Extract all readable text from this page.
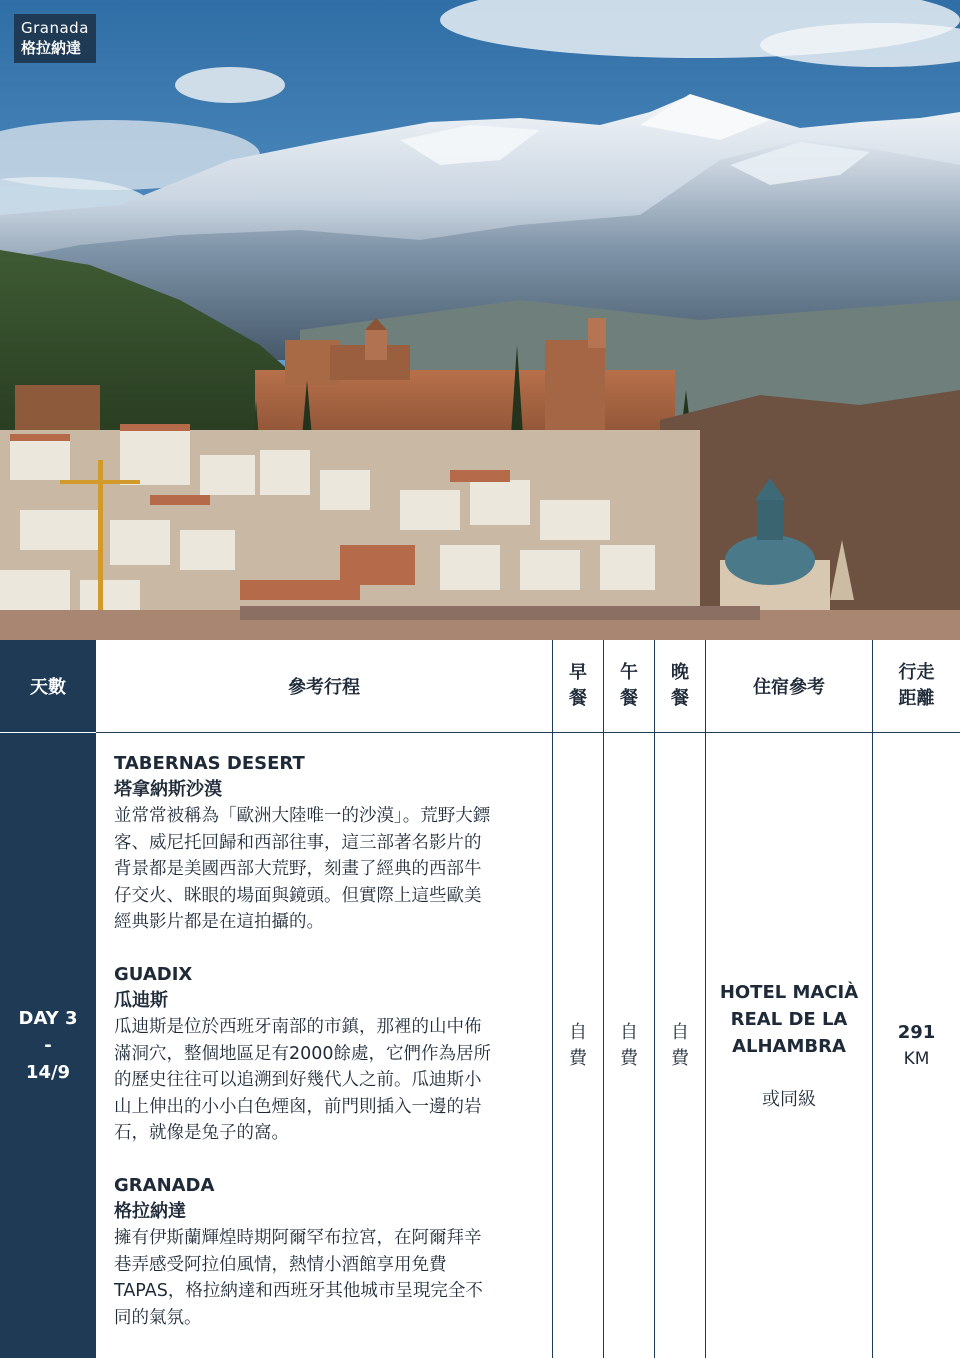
Granada
格拉納達
天數	參考行程
早
餐
午
餐
晚
餐
住宿參考
行走
距離
DAY 3
-
14/9
TABERNAS DESERT
塔拿納斯沙漠
並常常被稱為「歐洲大陸唯一的沙漠」。荒野大鏢
客、威尼托回歸和西部往事，這三部著名影片的
背景都是美國西部大荒野，刻畫了經典的西部牛
仔交火、眯眼的場面與鏡頭。但實際上這些歐美
經典影片都是在這拍攝的。
GUADIX
瓜迪斯
瓜迪斯是位於西班牙南部的市鎮，那裡的山中佈
滿洞穴，整個地區足有2000餘處，它們作為居所
的歷史往往可以追溯到好幾代人之前。瓜迪斯小
山上伸出的小小白色煙囪，前門則插入一邊的岩
石，就像是兔子的窩。
GRANADA
格拉納達
擁有伊斯蘭輝煌時期阿爾罕布拉宮，在阿爾拜辛
巷弄感受阿拉伯風情，熱情小酒館享用免費
TAPAS，格拉納達和西班牙其他城市呈現完全不
同的氣氛。
自
費
自
費
自
費
HOTEL MACIÀ
REAL DE LA
ALHAMBRA
或同級
291
KM
